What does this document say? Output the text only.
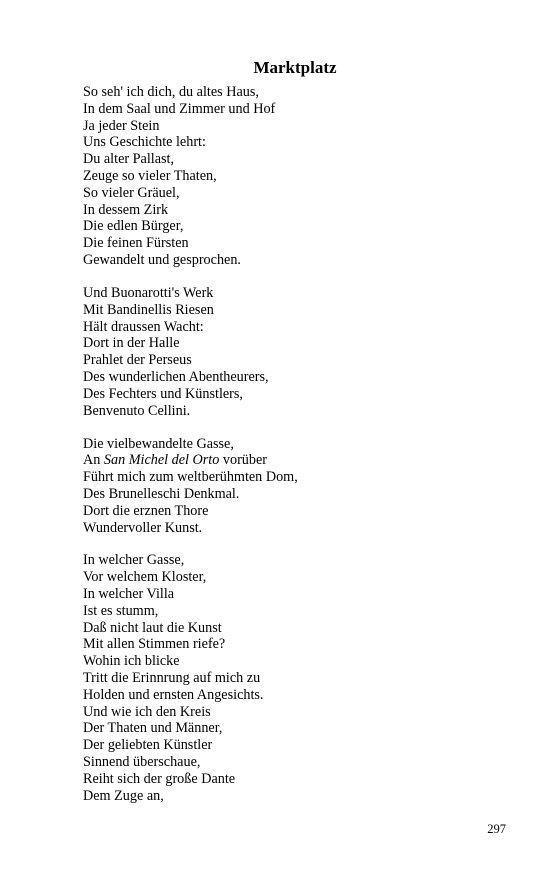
Marktplatz
So seh' ich dich, du altes Haus,
In dem Saal und Zimmer und Hof
Ja jeder Stein
Uns Geschichte lehrt:
Du alter Pallast,
Zeuge so vieler Thaten,
So vieler Gräuel,
In dessem Zirk
Die edlen Bürger,
Die feinen Fürsten
Gewandelt und gesprochen.
Und Buonarotti's Werk
Mit Bandinellis Riesen
Hält draussen Wacht:
Dort in der Halle
Prahlet der Perseus
Des wunderlichen Abentheurers,
Des Fechters und Künstlers,
Benvenuto Cellini.
Die vielbewandelte Gasse,
An San Michel del Orto vorüber
Führt mich zum weltberühmten Dom,
Des Brunelleschi Denkmal.
Dort die erznen Thore
Wundervoller Kunst.
In welcher Gasse,
Vor welchem Kloster,
In welcher Villa
Ist es stumm,
Daß nicht laut die Kunst
Mit allen Stimmen riefe?
Wohin ich blicke
Tritt die Erinnrung auf mich zu
Holden und ernsten Angesichts.
Und wie ich den Kreis
Der Thaten und Männer,
Der geliebten Künstler
Sinnend überschaue,
Reiht sich der große Dante
Dem Zuge an,
297
